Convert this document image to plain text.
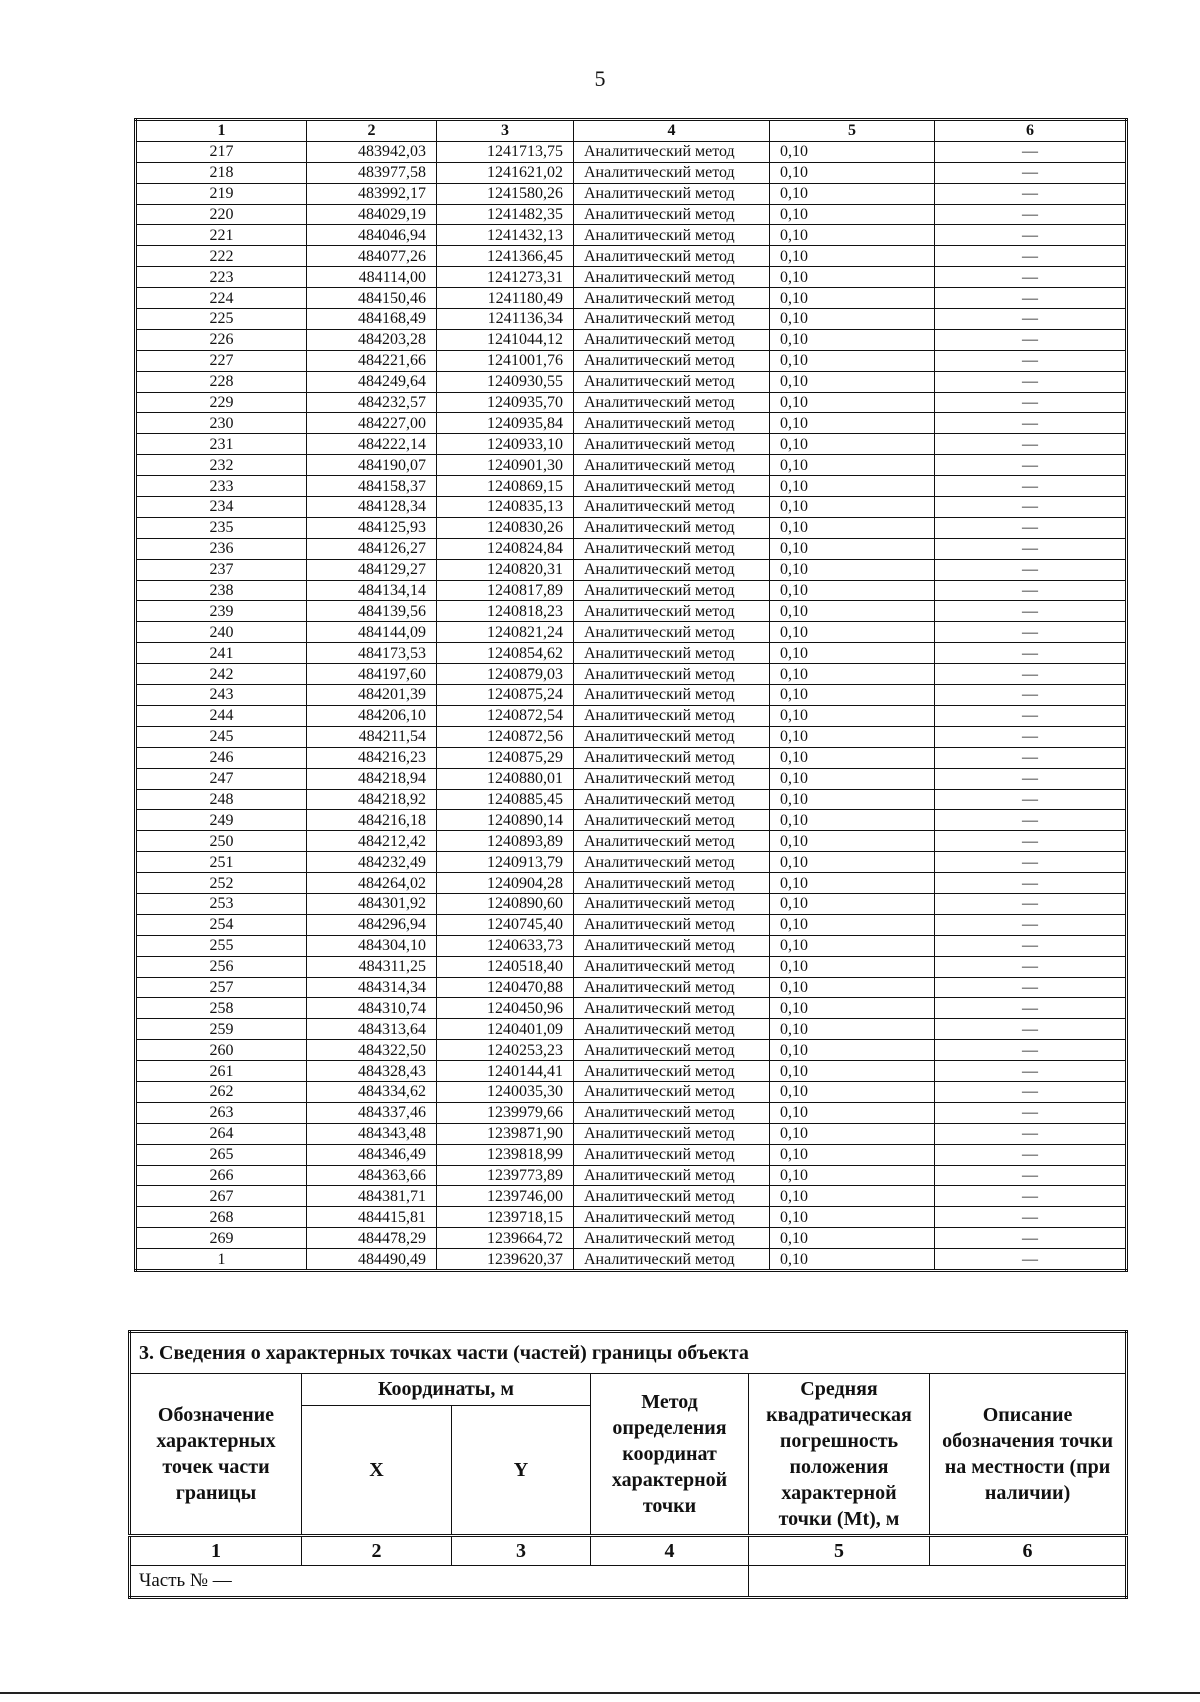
5
1	2	3	4	5	6
217	483942,03	1241713,75	Аналитический метод	0,10	—
218	483977,58	1241621,02	Аналитический метод	0,10	—
219	483992,17	1241580,26	Аналитический метод	0,10	—
220	484029,19	1241482,35	Аналитический метод	0,10	—
221	484046,94	1241432,13	Аналитический метод	0,10	—
222	484077,26	1241366,45	Аналитический метод	0,10	—
223	484114,00	1241273,31	Аналитический метод	0,10	—
224	484150,46	1241180,49	Аналитический метод	0,10	—
225	484168,49	1241136,34	Аналитический метод	0,10	—
226	484203,28	1241044,12	Аналитический метод	0,10	—
227	484221,66	1241001,76	Аналитический метод	0,10	—
228	484249,64	1240930,55	Аналитический метод	0,10	—
229	484232,57	1240935,70	Аналитический метод	0,10	—
230	484227,00	1240935,84	Аналитический метод	0,10	—
231	484222,14	1240933,10	Аналитический метод	0,10	—
232	484190,07	1240901,30	Аналитический метод	0,10	—
233	484158,37	1240869,15	Аналитический метод	0,10	—
234	484128,34	1240835,13	Аналитический метод	0,10	—
235	484125,93	1240830,26	Аналитический метод	0,10	—
236	484126,27	1240824,84	Аналитический метод	0,10	—
237	484129,27	1240820,31	Аналитический метод	0,10	—
238	484134,14	1240817,89	Аналитический метод	0,10	—
239	484139,56	1240818,23	Аналитический метод	0,10	—
240	484144,09	1240821,24	Аналитический метод	0,10	—
241	484173,53	1240854,62	Аналитический метод	0,10	—
242	484197,60	1240879,03	Аналитический метод	0,10	—
243	484201,39	1240875,24	Аналитический метод	0,10	—
244	484206,10	1240872,54	Аналитический метод	0,10	—
245	484211,54	1240872,56	Аналитический метод	0,10	—
246	484216,23	1240875,29	Аналитический метод	0,10	—
247	484218,94	1240880,01	Аналитический метод	0,10	—
248	484218,92	1240885,45	Аналитический метод	0,10	—
249	484216,18	1240890,14	Аналитический метод	0,10	—
250	484212,42	1240893,89	Аналитический метод	0,10	—
251	484232,49	1240913,79	Аналитический метод	0,10	—
252	484264,02	1240904,28	Аналитический метод	0,10	—
253	484301,92	1240890,60	Аналитический метод	0,10	—
254	484296,94	1240745,40	Аналитический метод	0,10	—
255	484304,10	1240633,73	Аналитический метод	0,10	—
256	484311,25	1240518,40	Аналитический метод	0,10	—
257	484314,34	1240470,88	Аналитический метод	0,10	—
258	484310,74	1240450,96	Аналитический метод	0,10	—
259	484313,64	1240401,09	Аналитический метод	0,10	—
260	484322,50	1240253,23	Аналитический метод	0,10	—
261	484328,43	1240144,41	Аналитический метод	0,10	—
262	484334,62	1240035,30	Аналитический метод	0,10	—
263	484337,46	1239979,66	Аналитический метод	0,10	—
264	484343,48	1239871,90	Аналитический метод	0,10	—
265	484346,49	1239818,99	Аналитический метод	0,10	—
266	484363,66	1239773,89	Аналитический метод	0,10	—
267	484381,71	1239746,00	Аналитический метод	0,10	—
268	484415,81	1239718,15	Аналитический метод	0,10	—
269	484478,29	1239664,72	Аналитический метод	0,10	—
1	484490,49	1239620,37	Аналитический метод	0,10	—
3. Сведения о характерных точках части (частей) границы объекта					
Обозначение характерных точек части границы	Координаты, м		Метод определения координат характерной точки	Средняя квадратическая погрешность положения характерной точки (Mt), м	Описание обозначения точки на местности (при наличии)
	X	Y			
1	2	3	4	5	6
Часть № —					
